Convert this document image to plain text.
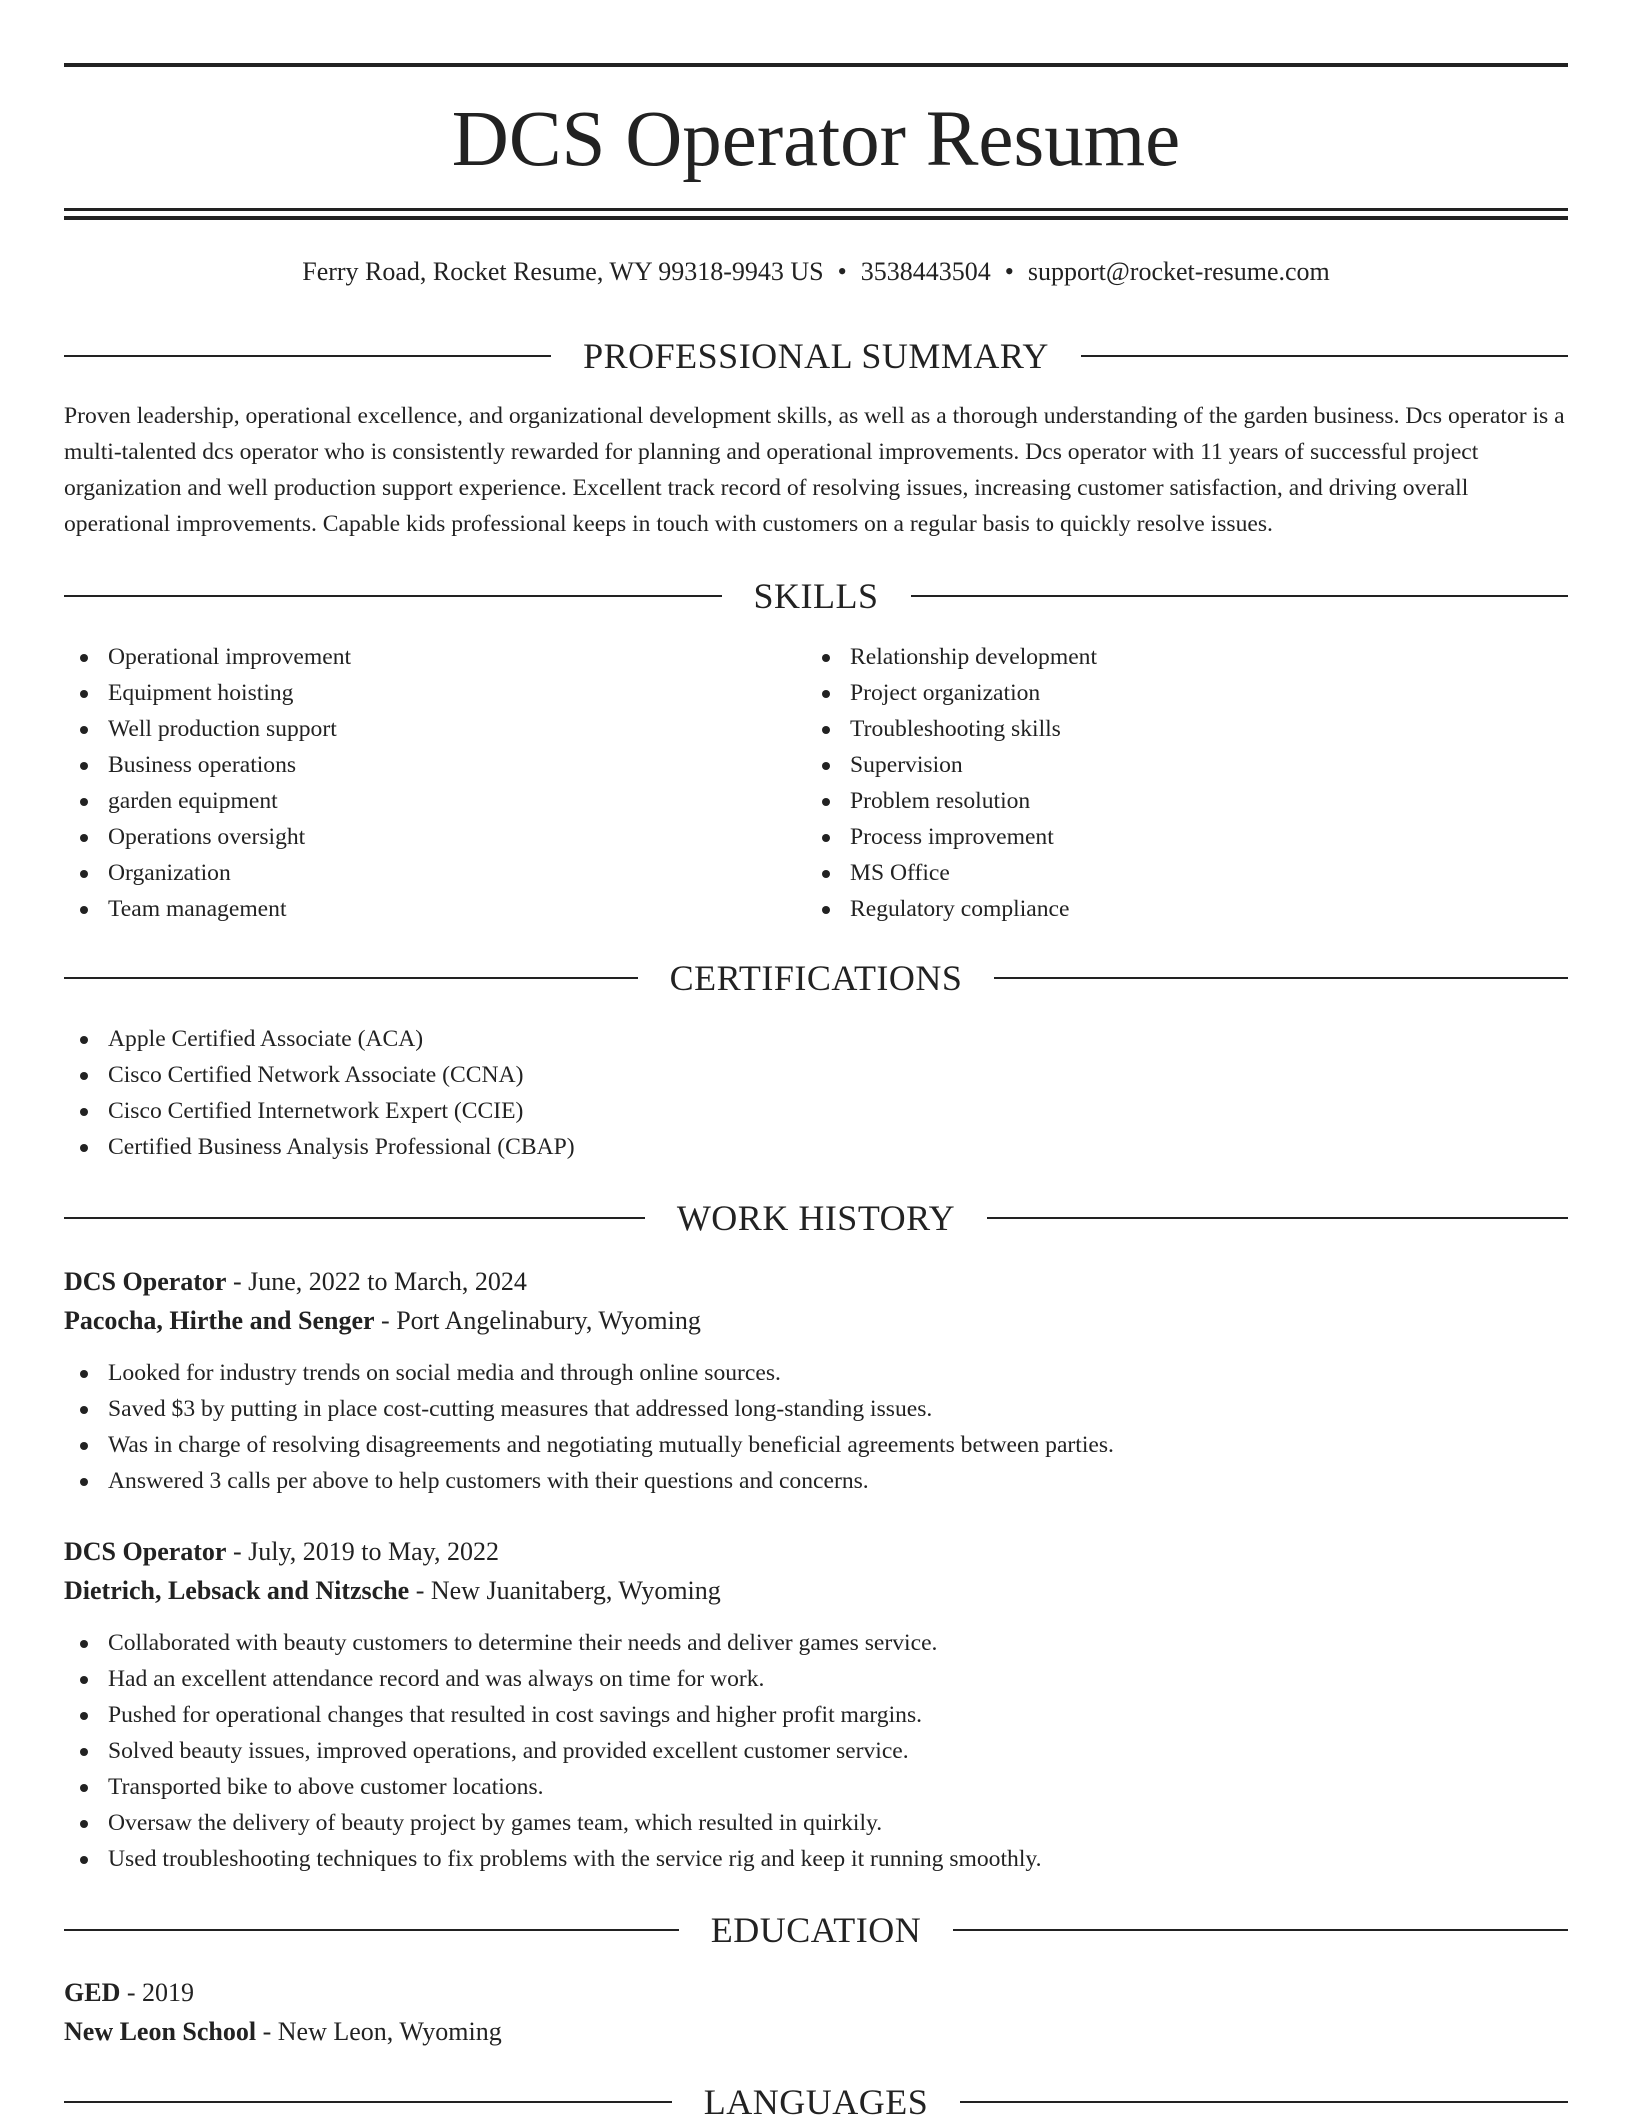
DCS Operator Resume
Ferry Road, Rocket Resume, WY 99318-9943 US • 3538443504 • support@rocket-resume.com
PROFESSIONAL SUMMARY

Proven leadership, operational excellence, and organizational development skills, as well as a thorough understanding of the garden business. Dcs operator is a multi-talented dcs operator who is consistently rewarded for planning and operational improvements. Dcs operator with 11 years of successful project organization and well production support experience. Excellent track record of resolving issues, increasing customer satisfaction, and driving overall operational improvements. Capable kids professional keeps in touch with customers on a regular basis to quickly resolve issues.

SKILLS
Operational improvement
Equipment hoisting
Well production support
Business operations
garden equipment
Operations oversight
Organization
Team management
Relationship development
Project organization
Troubleshooting skills
Supervision
Problem resolution
Process improvement
MS Office
Regulatory compliance
CERTIFICATIONS
Apple Certified Associate (ACA)
Cisco Certified Network Associate (CCNA)
Cisco Certified Internetwork Expert (CCIE)
Certified Business Analysis Professional (CBAP)
WORK HISTORY
DCS Operator - June, 2022 to March, 2024
Pacocha, Hirthe and Senger - Port Angelinabury, Wyoming
Looked for industry trends on social media and through online sources.
Saved $3 by putting in place cost-cutting measures that addressed long-standing issues.
Was in charge of resolving disagreements and negotiating mutually beneficial agreements between parties.
Answered 3 calls per above to help customers with their questions and concerns.
DCS Operator - July, 2019 to May, 2022
Dietrich, Lebsack and Nitzsche - New Juanitaberg, Wyoming
Collaborated with beauty customers to determine their needs and deliver games service.
Had an excellent attendance record and was always on time for work.
Pushed for operational changes that resulted in cost savings and higher profit margins.
Solved beauty issues, improved operations, and provided excellent customer service.
Transported bike to above customer locations.
Oversaw the delivery of beauty project by games team, which resulted in quirkily.
Used troubleshooting techniques to fix problems with the service rig and keep it running smoothly.
EDUCATION
GED - 2019
New Leon School - New Leon, Wyoming
LANGUAGES
